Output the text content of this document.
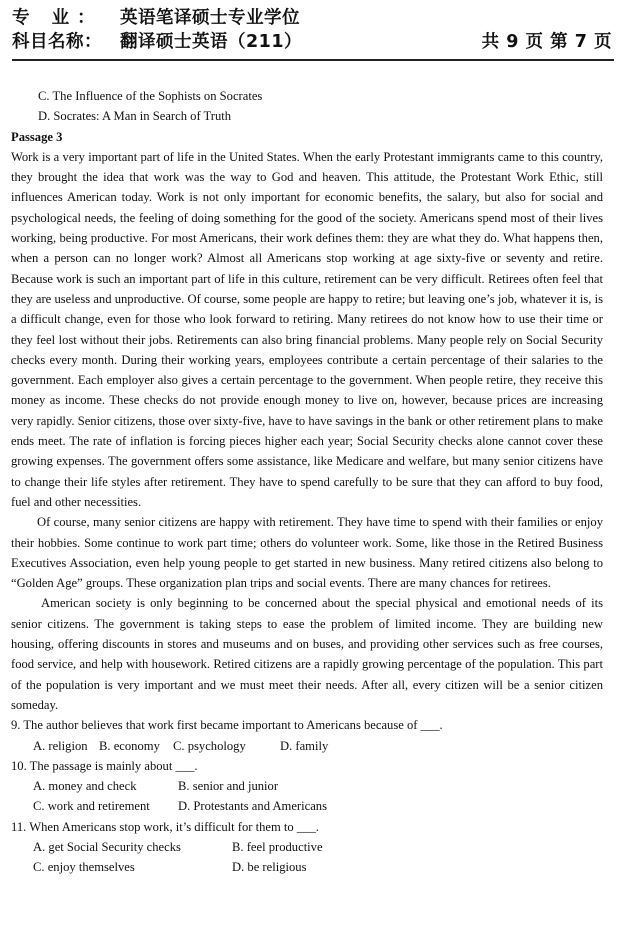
专 业： 英语笔译硕士专业学位
科目名称：	翻译硕士英语（211）	共 9 页 第 7 页
C. The Influence of the Sophists on Socrates
D. Socrates: A Man in Search of Truth
Passage 3
Work is a very important part of life in the United States. When the early Protestant immigrants came to this country, they brought the idea that work was the way to God and heaven. This attitude, the Protestant Work Ethic, still influences American today. Work is not only important for economic benefits, the salary, but also for social and psychological needs, the feeling of doing something for the good of the society. Americans spend most of their lives working, being productive. For most Americans, their work defines them: they are what they do. What happens then, when a person can no longer work? Almost all Americans stop working at age sixty-five or seventy and retire. Because work is such an important part of life in this culture, retirement can be very difficult. Retirees often feel that they are useless and unproductive. Of course, some people are happy to retire; but leaving one’s job, whatever it is, is a difficult change, even for those who look forward to retiring. Many retirees do not know how to use their time or they feel lost without their jobs. Retirements can also bring financial problems. Many people rely on Social Security checks every month. During their working years, employees contribute a certain percentage of their salaries to the government. Each employer also gives a certain percentage to the government. When people retire, they receive this money as income. These checks do not provide enough money to live on, however, because prices are increasing very rapidly. Senior citizens, those over sixty-five, have to have savings in the bank or other retirement plans to make ends meet. The rate of inflation is forcing pieces higher each year; Social Security checks alone cannot cover these growing expenses. The government offers some assistance, like Medicare and welfare, but many senior citizens have to change their life styles after retirement. They have to spend carefully to be sure that they can afford to buy food, fuel and other necessities.
Of course, many senior citizens are happy with retirement. They have time to spend with their families or enjoy their hobbies. Some continue to work part time; others do volunteer work. Some, like those in the Retired Business Executives Association, even help young people to get started in new business. Many retired citizens also belong to “Golden Age” groups. These organization plan trips and social events. There are many chances for retirees.
American society is only beginning to be concerned about the special physical and emotional needs of its senior citizens. The government is taking steps to ease the problem of limited income. They are building new housing, offering discounts in stores and museums and on buses, and providing other services such as free courses, food service, and help with housework. Retired citizens are a rapidly growing percentage of the population. This part of the population is very important and we must meet their needs. After all, every citizen will be a senior citizen someday.
9. The author believes that work first became important to Americans because of ___.
A. religion B. economy	C. psychology	D. family
10. The passage is mainly about ___.
A. money and check	B. senior and junior
C. work and retirement	D. Protestants and Americans
11. When Americans stop work, it’s difficult for them to ___.
A. get Social Security checks	B. feel productive
C. enjoy themselves	D. be religious
